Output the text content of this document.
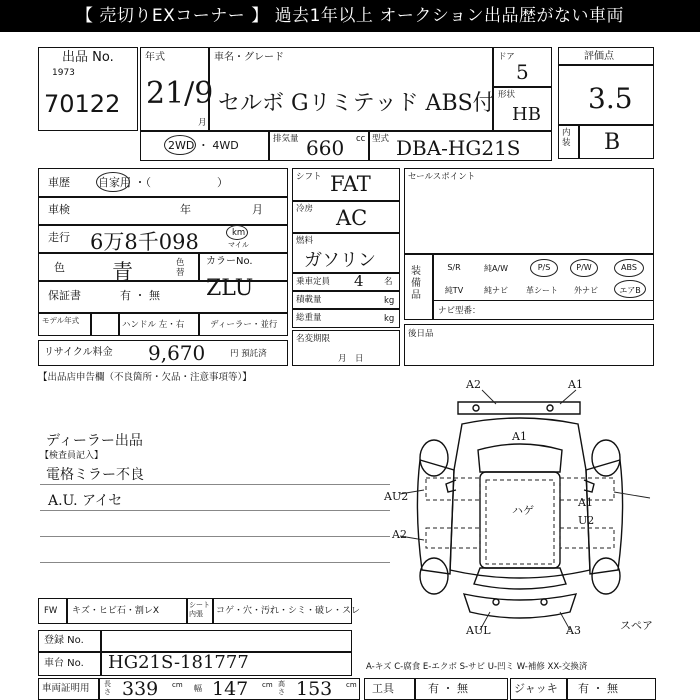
【 売切りEXコーナー 】 過去1年以上 オークション出品歴がない車両
出品 No.
1973
70122
年式
21/9
月
車名・グレード
セルボ Gリミテッド ABS付
ドア
5
形状
HB
2WD ・ 4WD	排気量 660 cc 型式 DBA-HG21S
評価点
3.5
内装 B
車歴	自家用 ・（　　　　　　）
車検	年	月
走行 6万8千098	km
マイル
色 青	色替
カラーNo.
ZLU
保証書	有 ・ 無
モデル年式	ハンドル 左・右	ディーラー・並行
リサイクル料金 9,670	円 預託済
シフト FAT
冷房 AC
燃料
ガソリン
乗車定員 4 名
積載量	kg
総重量	kg
名変期限
月　日
セールスポイント
装備品
S/R	純A/W	P/S	P/W	ABS
純TV	純ナビ	革シート	外ナビ	エアB
ナビ型番：
後日品
【出品店申告欄（不良箇所・欠品・注意事項等）】
ディーラー出品
【検査員記入】
電格ミラー不良
A.U. アイセ
A2	A1
A1
AU2
A2
ハゲ
A1
U2
AUL	A3	スペア
FW キズ・ヒビ石・割レX
シート 内張	コゲ・穴・汚れ・シミ・破レ・スレ
登録 No.
車台 No. HG21S-181777	A-キズ C-腐食 E-エクボ S-サビ U-凹ミ W-補修 XX-交換済
車両証明用 長さ 339 cm 幅 147 cm 高さ 153 cm 工具	有 ・ 無	ジャッキ 有 ・ 無
